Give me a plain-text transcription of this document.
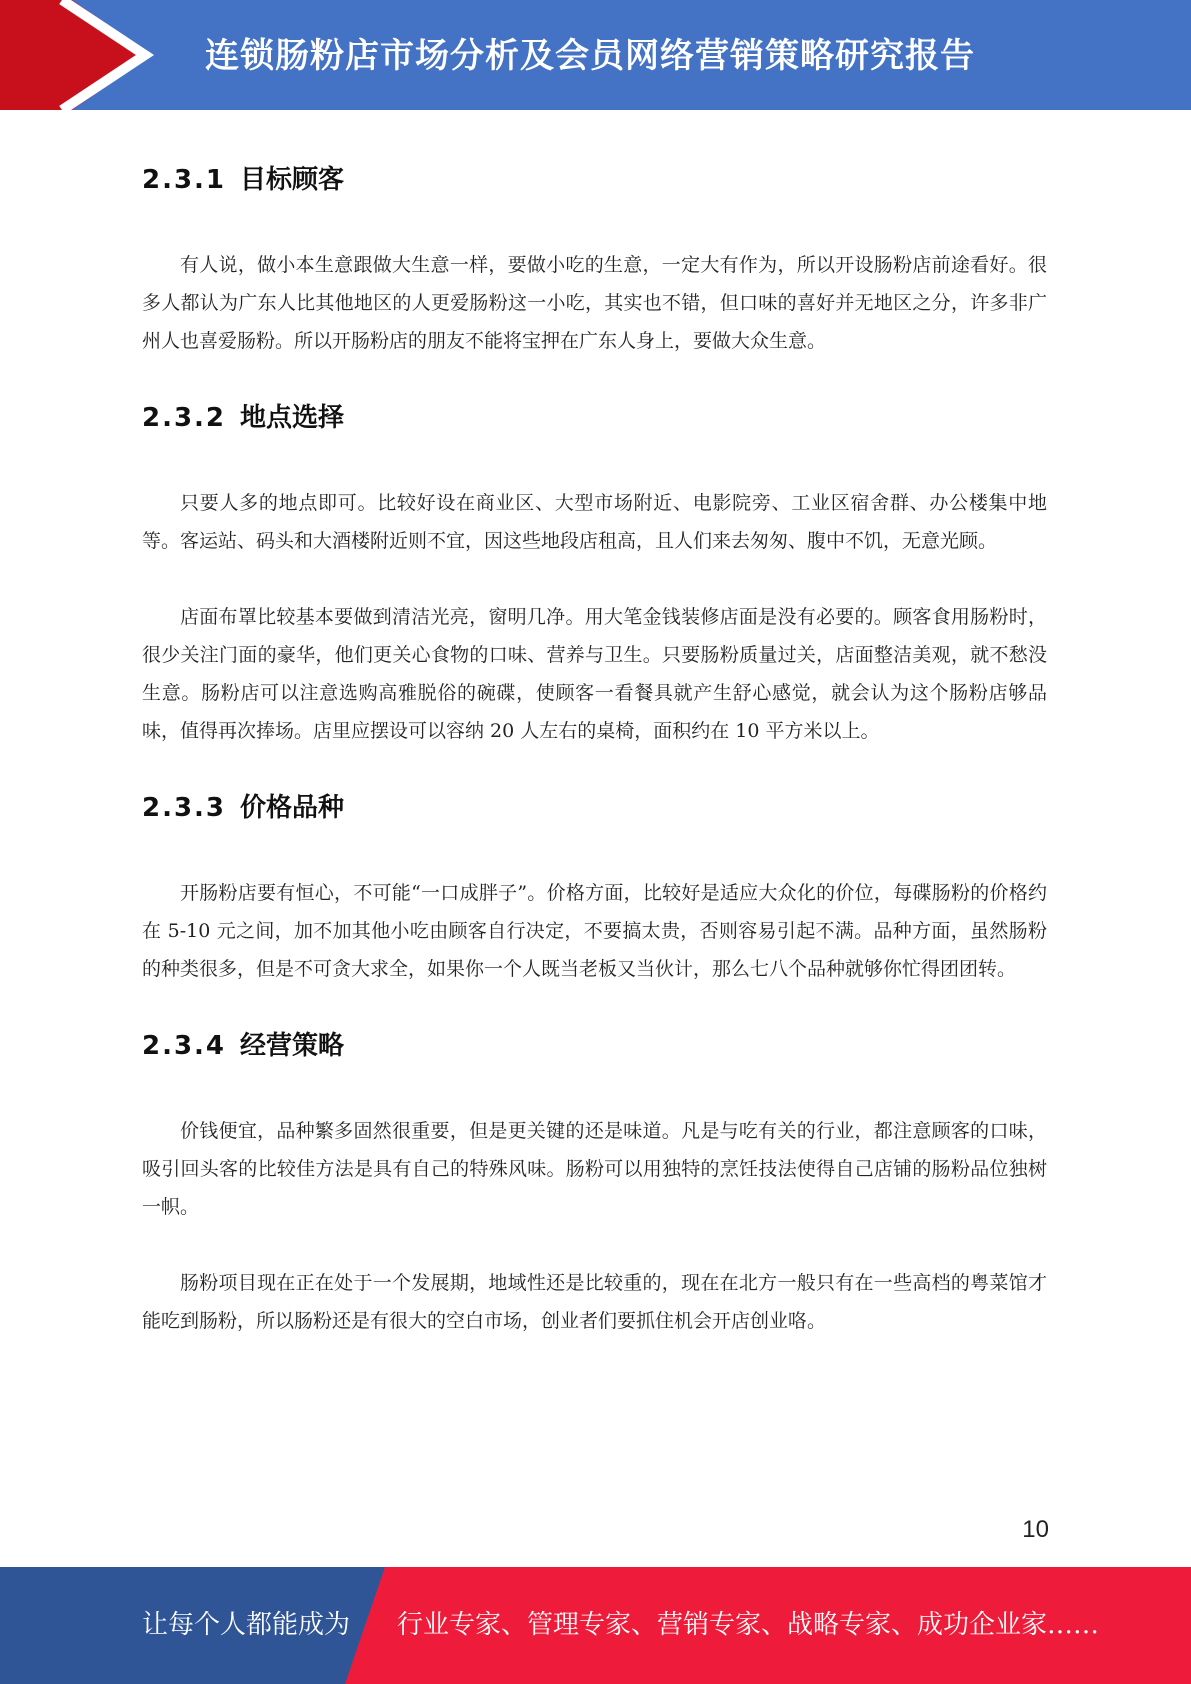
连锁肠粉店市场分析及会员网络营销策略研究报告
2.3.1 目标顾客

有人说，做小本生意跟做大生意一样，要做小吃的生意，一定大有作为，所以开设肠粉店前途看好。很多人都认为广东人比其他地区的人更爱肠粉这一小吃，其实也不错，但口味的喜好并无地区之分，许多非广州人也喜爱肠粉。所以开肠粉店的朋友不能将宝押在广东人身上，要做大众生意。

2.3.2 地点选择

只要人多的地点即可。比较好设在商业区、大型市场附近、电影院旁、工业区宿舍群、办公楼集中地等。客运站、码头和大酒楼附近则不宜，因这些地段店租高，且人们来去匆匆、腹中不饥，无意光顾。

店面布罩比较基本要做到清洁光亮，窗明几净。用大笔金钱装修店面是没有必要的。顾客食用肠粉时，很少关注门面的豪华，他们更关心食物的口味、营养与卫生。只要肠粉质量过关，店面整洁美观，就不愁没生意。肠粉店可以注意选购高雅脱俗的碗碟，使顾客一看餐具就产生舒心感觉，就会认为这个肠粉店够品味，值得再次捧场。店里应摆设可以容纳 20 人左右的桌椅，面积约在 10 平方米以上。

2.3.3 价格品种

开肠粉店要有恒心，不可能“一口成胖子”。价格方面，比较好是适应大众化的价位，每碟肠粉的价格约在 5-10 元之间，加不加其他小吃由顾客自行决定，不要搞太贵，否则容易引起不满。品种方面，虽然肠粉的种类很多，但是不可贪大求全，如果你一个人既当老板又当伙计，那么七八个品种就够你忙得团团转。

2.3.4 经营策略

价钱便宜，品种繁多固然很重要，但是更关键的还是味道。凡是与吃有关的行业，都注意顾客的口味，吸引回头客的比较佳方法是具有自己的特殊风味。肠粉可以用独特的烹饪技法使得自己店铺的肠粉品位独树一帜。

肠粉项目现在正在处于一个发展期，地域性还是比较重的，现在在北方一般只有在一些高档的粤菜馆才能吃到肠粉，所以肠粉还是有很大的空白市场，创业者们要抓住机会开店创业咯。

10
让每个人都能成为 行业专家、管理专家、营销专家、战略专家、成功企业家……
